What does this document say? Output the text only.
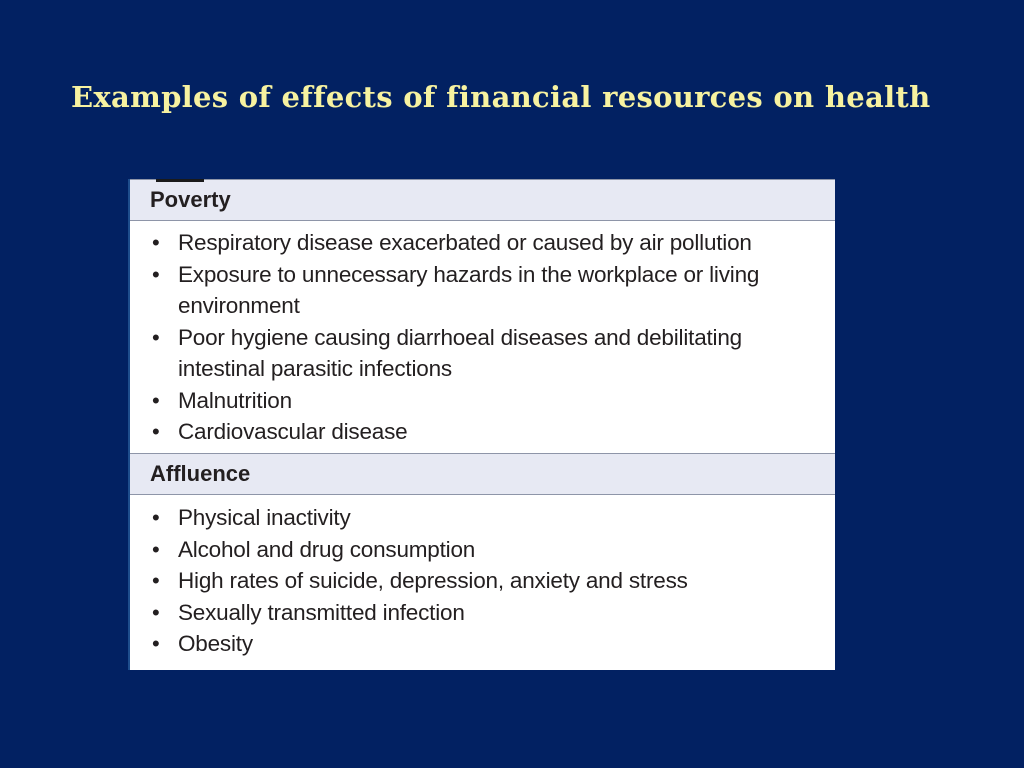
Examples of effects of financial resources on health
Poverty
• Respiratory disease exacerbated or caused by air pollution
• Exposure to unnecessary hazards in the workplace or living environment
• Poor hygiene causing diarrhoeal diseases and debilitating intestinal parasitic infections
• Malnutrition
• Cardiovascular disease
Affluence
• Physical inactivity
• Alcohol and drug consumption
• High rates of suicide, depression, anxiety and stress
• Sexually transmitted infection
• Obesity
